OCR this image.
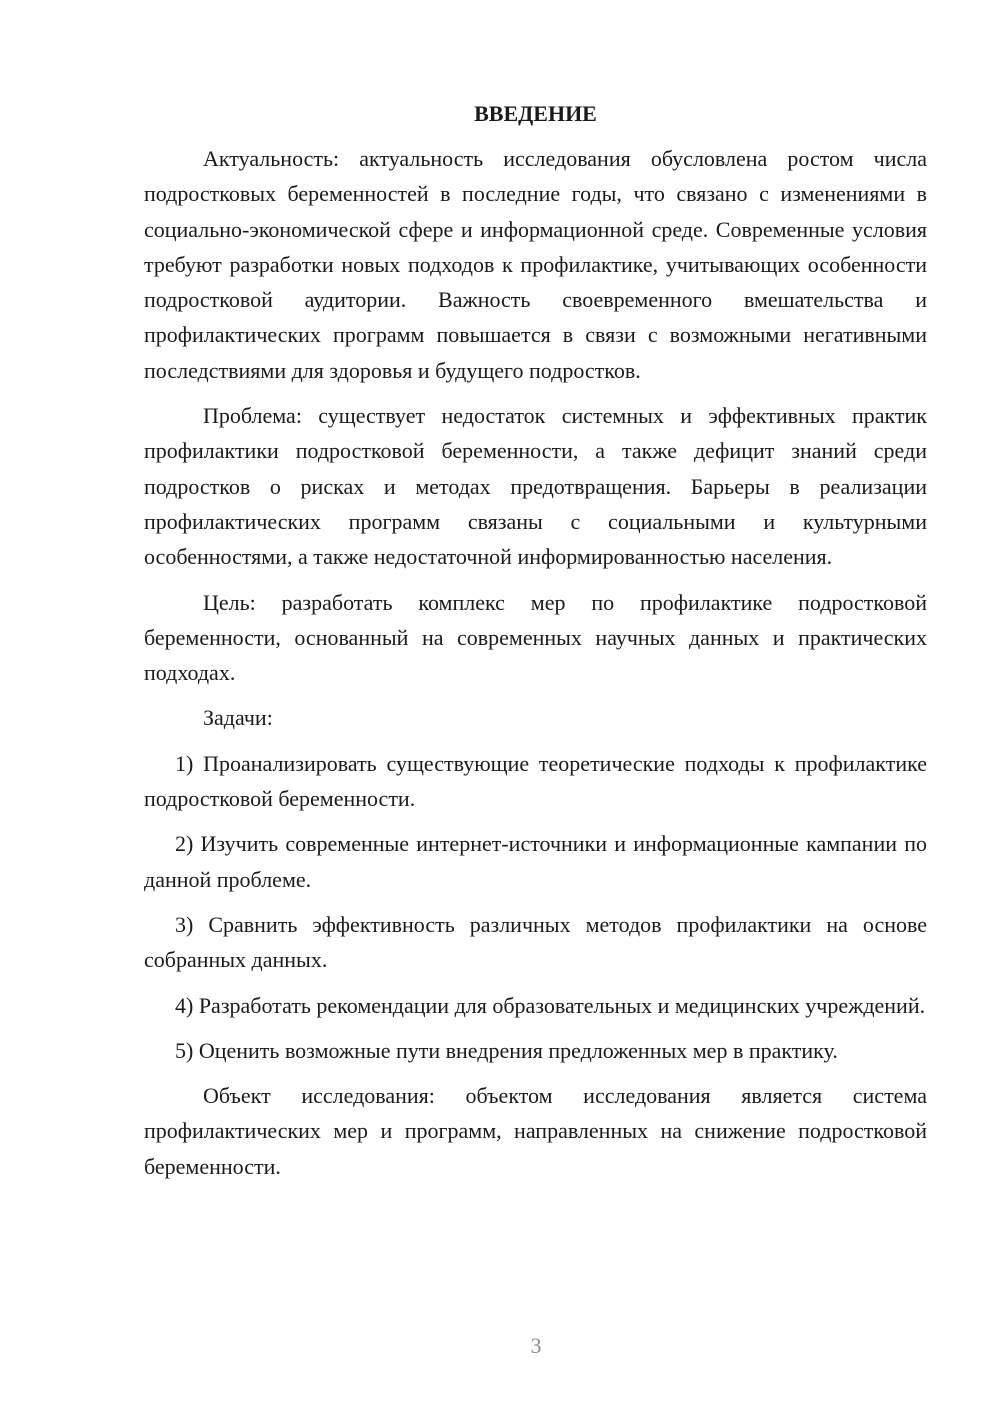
ВВЕДЕНИЕ

Актуальность: актуальность исследования обусловлена ростом числа подростковых беременностей в последние годы, что связано с изменениями в социально-экономической сфере и информационной среде. Современные условия требуют разработки новых подходов к профилактике, учитывающих особенности подростковой аудитории. Важность своевременного вмешательства и профилактических программ повышается в связи с возможными негативными последствиями для здоровья и будущего подростков.

Проблема: существует недостаток системных и эффективных практик профилактики подростковой беременности, а также дефицит знаний среди подростков о рисках и методах предотвращения. Барьеры в реализации профилактических программ связаны с социальными и культурными особенностями, а также недостаточной информированностью населения.

Цель: разработать комплекс мер по профилактике подростковой беременности, основанный на современных научных данных и практических подходах.

Задачи:

1) Проанализировать существующие теоретические подходы к профилактике подростковой беременности.

2) Изучить современные интернет-источники и информационные кампании по данной проблеме.

3) Сравнить эффективность различных методов профилактики на основе собранных данных.

4) Разработать рекомендации для образовательных и медицинских учреждений.

5) Оценить возможные пути внедрения предложенных мер в практику.

Объект исследования: объектом исследования является система профилактических мер и программ, направленных на снижение подростковой беременности.

3
